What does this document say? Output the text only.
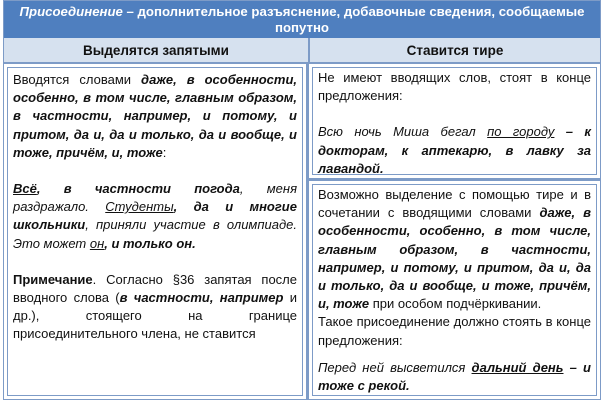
Присоединение – дополнительное разъяснение, добавочные сведения, сообщаемые
попутно
Выделятся запятыми	Ставится тире

Вводятся словами даже, в особенности, особенно, в том числе, главным образом, в частности, например, и потому, и притом, да и, да и только, да и вообще, и тоже, причём, и, тоже:

Всё, в частности погода, меня раздражало. Студенты, да и многие школьники, приняли участие в олимпиаде. Это может он, и только он.

Примечание. Согласно §36 запятая после вводного слова (в частности, например и др.), стоящего на границе присоединительного члена, не ставится

Не имеют вводящих слов, стоят в конце предложения:

Всю ночь Миша бегал по городу – к докторам, к аптекарю, в лавку за лавандой.

Возможно выделение с помощью тире и в сочетании с вводящими словами даже, в особенности, особенно, в том числе, главным образом, в частности, например, и потому, и притом, да и, да и только, да и вообще, и тоже, причём, и, тоже при особом подчёркивании.

Такое присоединение должно стоять в конце предложения:

Перед ней высветился дальний день – и тоже с рекой.
